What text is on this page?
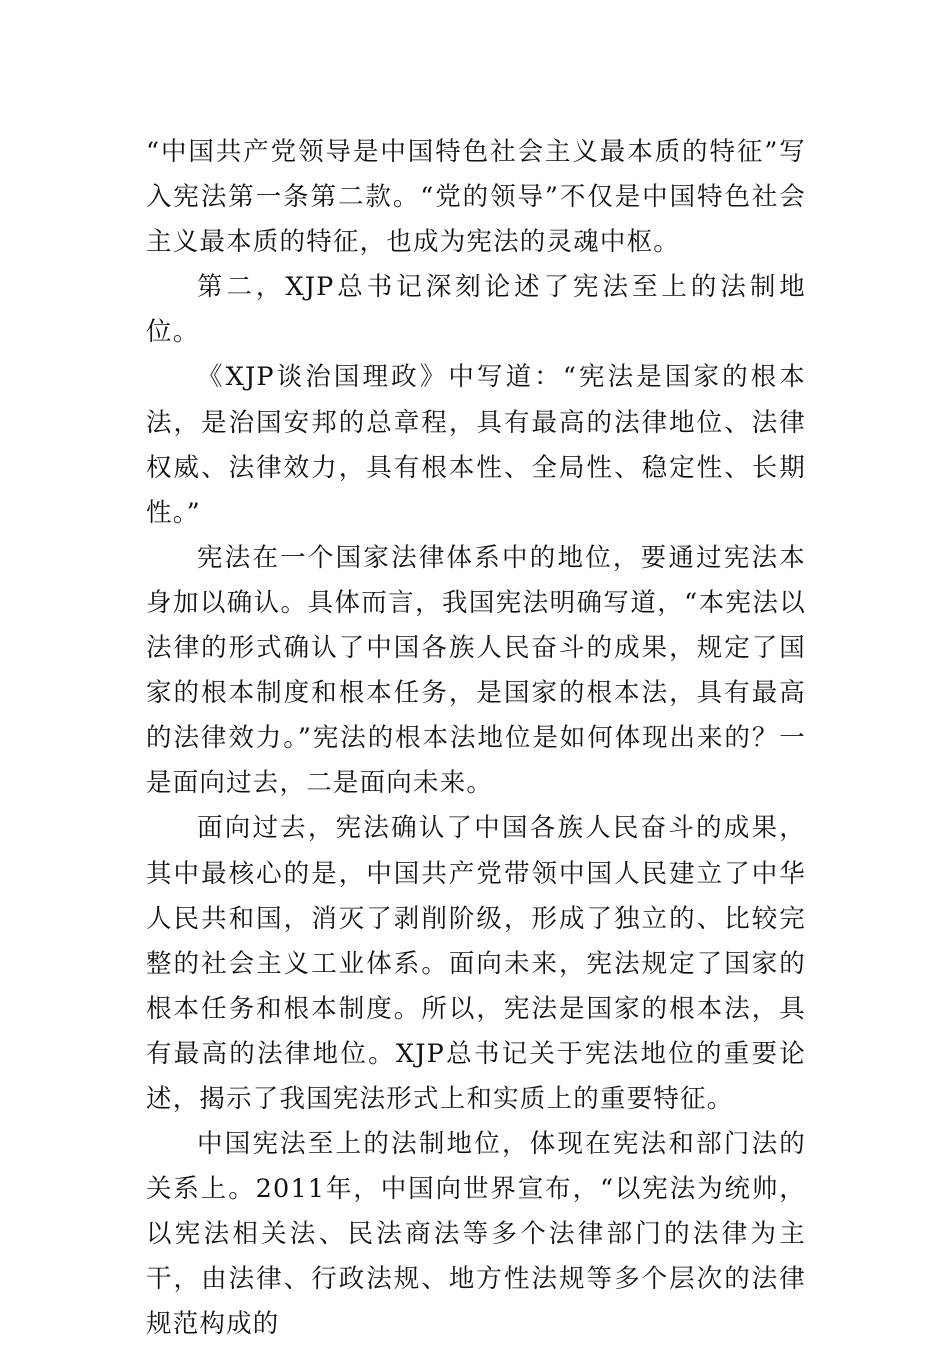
“中国共产党领导是中国特色社会主义最本质的特征”写入宪法第一条第二款。“党的领导”不仅是中国特色社会主义最本质的特征，也成为宪法的灵魂中枢。

第二，XJP总书记深刻论述了宪法至上的法制地位。

《XJP谈治国理政》中写道：“宪法是国家的根本法，是治国安邦的总章程，具有最高的法律地位、法律权威、法律效力，具有根本性、全局性、稳定性、长期性。”

宪法在一个国家法律体系中的地位，要通过宪法本身加以确认。具体而言，我国宪法明确写道，“本宪法以法律的形式确认了中国各族人民奋斗的成果，规定了国家的根本制度和根本任务，是国家的根本法，具有最高的法律效力。”宪法的根本法地位是如何体现出来的？一是面向过去，二是面向未来。

面向过去，宪法确认了中国各族人民奋斗的成果，其中最核心的是，中国共产党带领中国人民建立了中华人民共和国，消灭了剥削阶级，形成了独立的、比较完整的社会主义工业体系。面向未来，宪法规定了国家的根本任务和根本制度。所以，宪法是国家的根本法，具有最高的法律地位。XJP总书记关于宪法地位的重要论述，揭示了我国宪法形式上和实质上的重要特征。

中国宪法至上的法制地位，体现在宪法和部门法的关系上。2011年，中国向世界宣布，“以宪法为统帅，以宪法相关法、民法商法等多个法律部门的法律为主干，由法律、行政法规、地方性法规等多个层次的法律规范构成的
